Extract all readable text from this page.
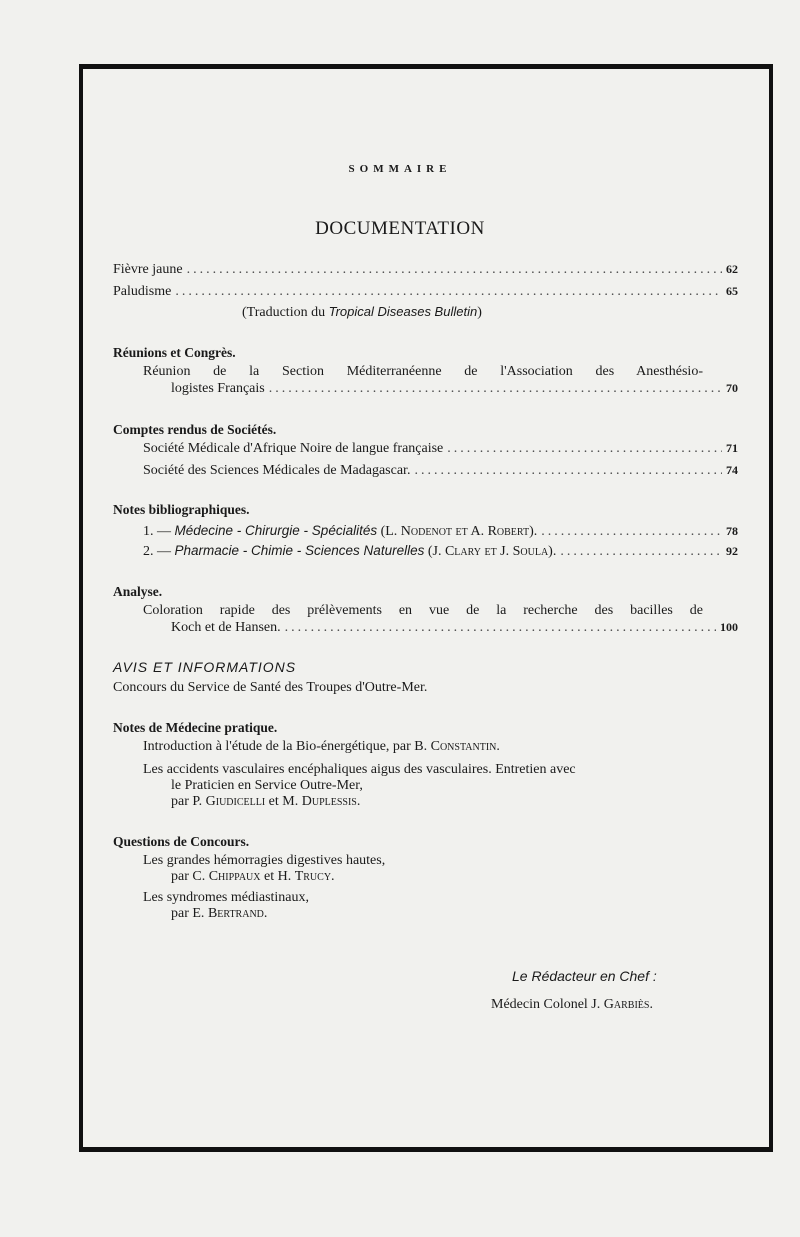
SOMMAIRE
DOCUMENTATION
Fièvre jaune .....	62
Paludisme .....	65
(Traduction du Tropical Diseases Bulletin)
Réunions et Congrès.
Réunion de la Section Méditerranéenne de l'Association des Anesthésio-
logistes Français .....	70
Comptes rendus de Sociétés.
Société Médicale d'Afrique Noire de langue française .....	71
Société des Sciences Médicales de Madagascar. .....	74
Notes bibliographiques.
1. — Médecine - Chirurgie - Spécialités (L. Nodenot et A. Robert). .....	78
2. — Pharmacie - Chimie - Sciences Naturelles (J. Clary et J. Soula). .....	92
Analyse.
Coloration rapide des prélèvements en vue de la recherche des bacilles de
Koch et de Hansen. .....	100
AVIS ET INFORMATIONS
Concours du Service de Santé des Troupes d'Outre-Mer.
Notes de Médecine pratique.
Introduction à l'étude de la Bio-énergétique, par B. Constantin.
Les accidents vasculaires encéphaliques aigus des vasculaires. Entretien avec
le Praticien en Service Outre-Mer,
par P. Giudicelli et M. Duplessis.
Questions de Concours.
Les grandes hémorragies digestives hautes,
par C. Chippaux et H. Trucy.
Les syndromes médiastinaux,
par E. Bertrand.
Le Rédacteur en Chef :
Médecin Colonel J. Garbiès.
